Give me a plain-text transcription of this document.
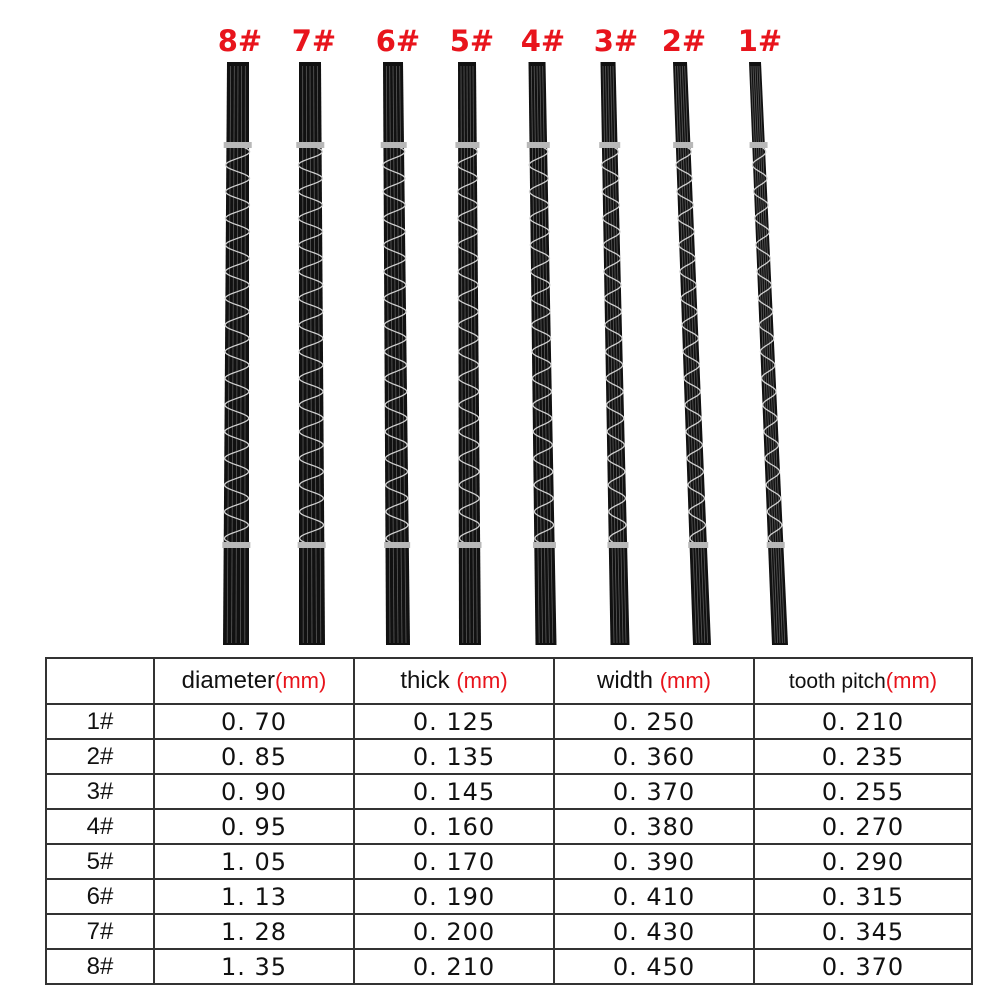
8# 7# 6# 5# 4# 3# 2# 1#
	diameter(mm)	thick (mm)	width (mm)	tooth pitch(mm)
1#	0. 70	0. 125	0. 250	0. 210
2#	0. 85	0. 135	0. 360	0. 235
3#	0. 90	0. 145	0. 370	0. 255
4#	0. 95	0. 160	0. 380	0. 270
5#	1. 05	0. 170	0. 390	0. 290
6#	1. 13	0. 190	0. 410	0. 315
7#	1. 28	0. 200	0. 430	0. 345
8#	1. 35	0. 210	0. 450	0. 370
